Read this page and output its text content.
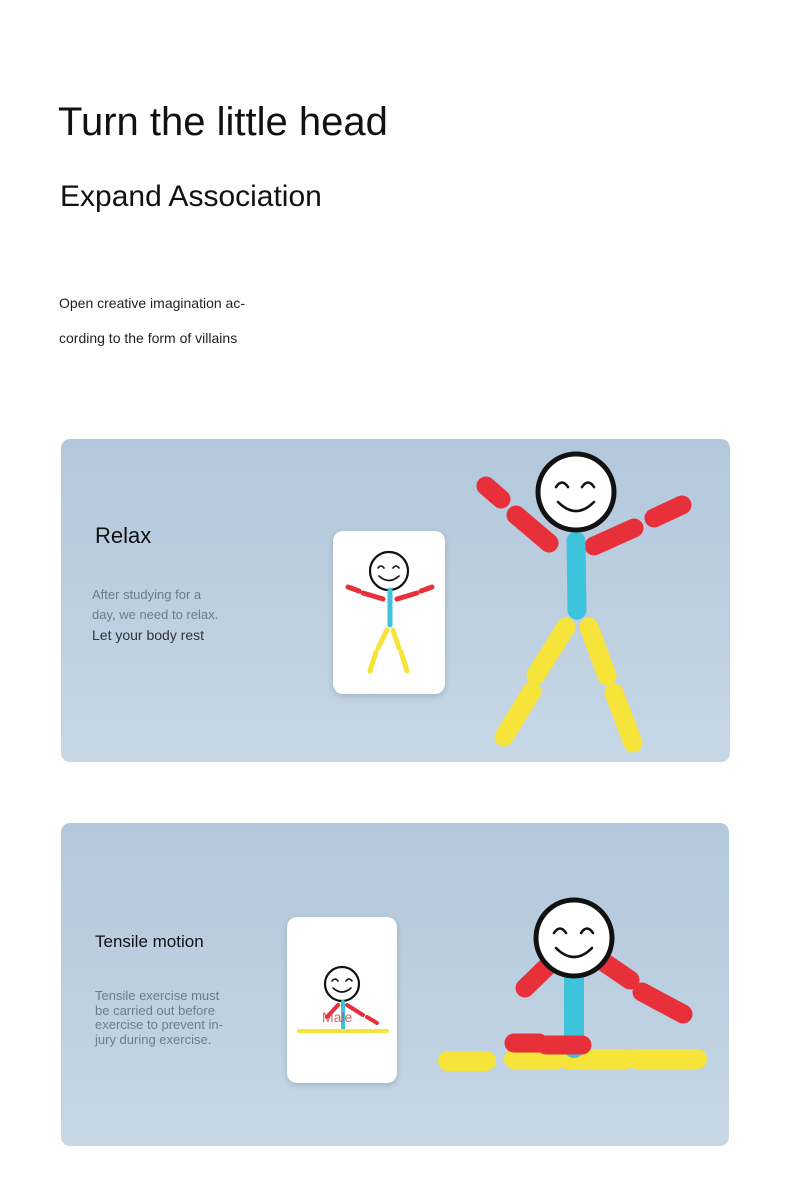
Turn the little head
Expand Association

Open creative imagination ac-
cording to the form of villains

Relax

After studying for a
day, we need to relax.
Let your body rest

Tensile motion

Tensile exercise must
be carried out before
exercise to prevent in-
jury during exercise.

Male
